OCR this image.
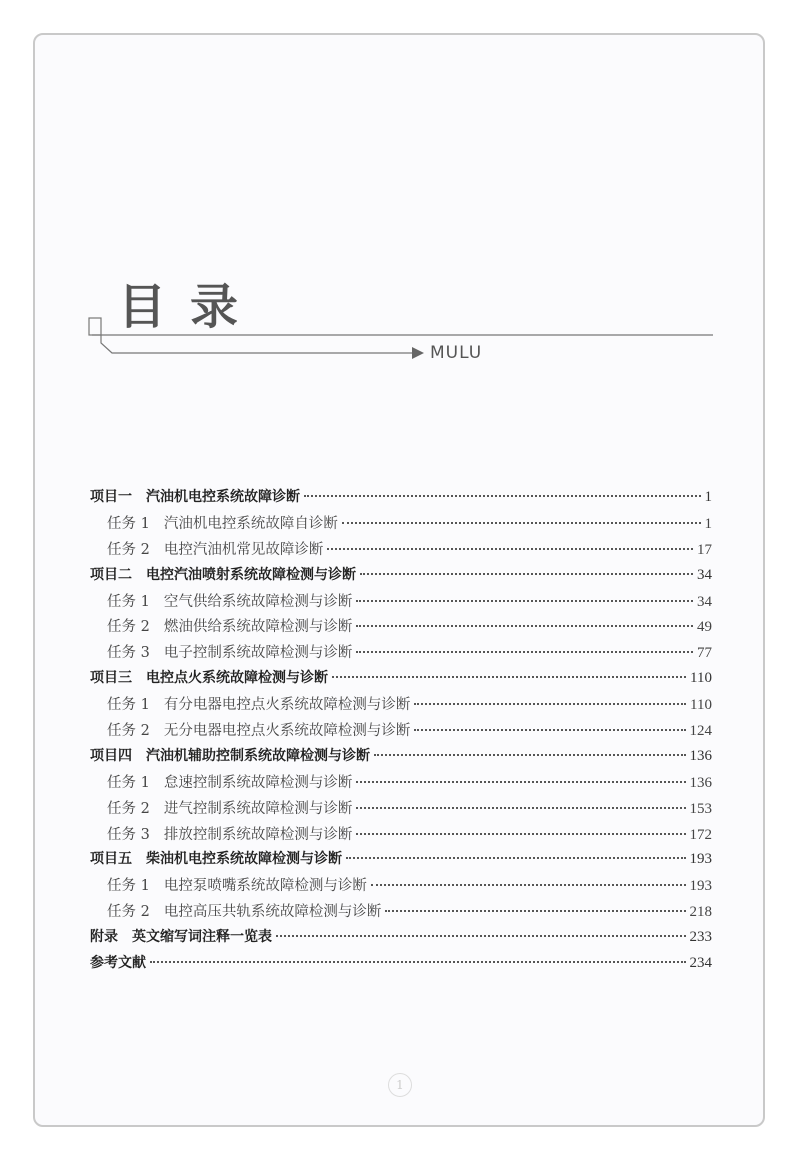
目录
MULU
项目一 汽油机电控系统故障诊断	1
任务 1 汽油机电控系统故障自诊断	1
任务 2 电控汽油机常见故障诊断	17
项目二 电控汽油喷射系统故障检测与诊断	34
任务 1 空气供给系统故障检测与诊断	34
任务 2 燃油供给系统故障检测与诊断	49
任务 3 电子控制系统故障检测与诊断	77
项目三 电控点火系统故障检测与诊断	110
任务 1 有分电器电控点火系统故障检测与诊断	110
任务 2 无分电器电控点火系统故障检测与诊断	124
项目四 汽油机辅助控制系统故障检测与诊断	136
任务 1 怠速控制系统故障检测与诊断	136
任务 2 进气控制系统故障检测与诊断	153
任务 3 排放控制系统故障检测与诊断	172
项目五 柴油机电控系统故障检测与诊断	193
任务 1 电控泵喷嘴系统故障检测与诊断	193
任务 2 电控高压共轨系统故障检测与诊断	218
附录 英文缩写词注释一览表	233
参考文献	234
1
